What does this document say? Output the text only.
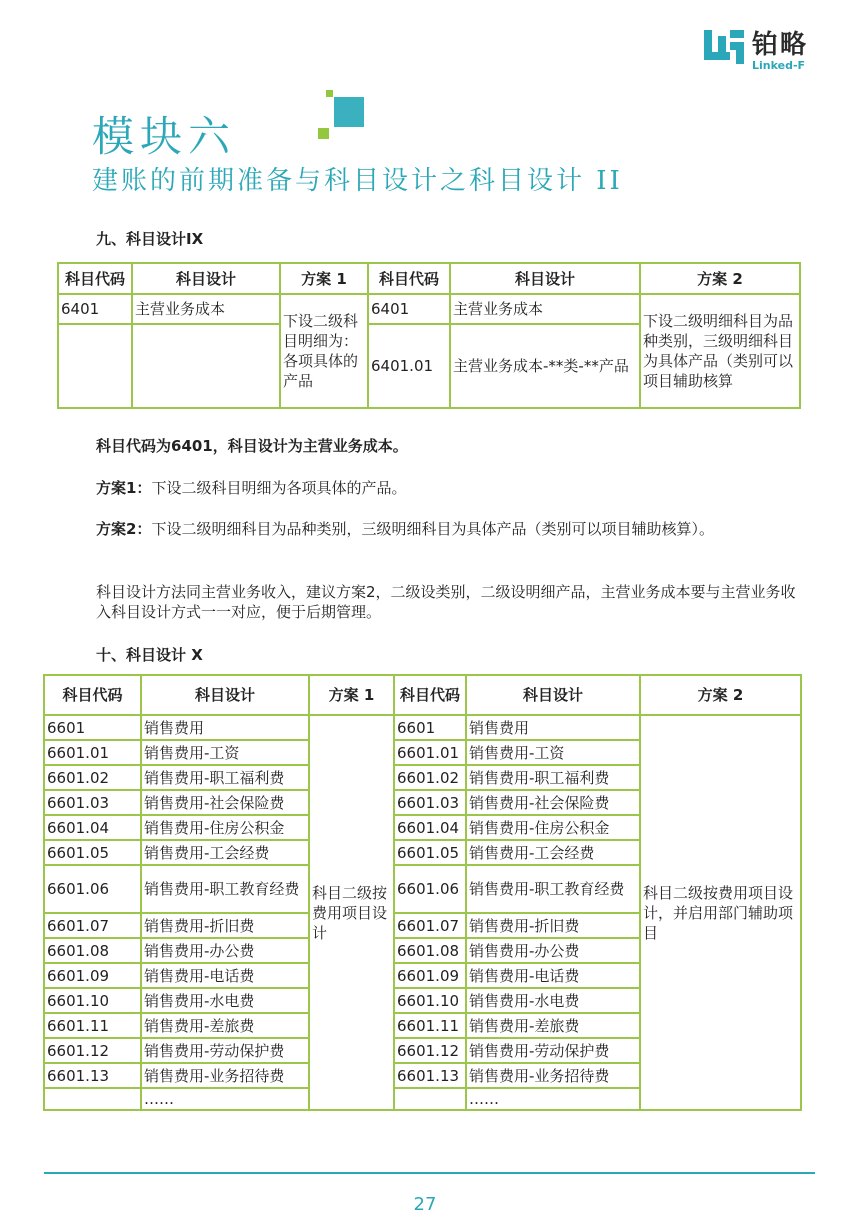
铂略
Linked-F
模块六
建账的前期准备与科目设计之科目设计 II
九、科目设计IX
科目代码	科目设计	方案 1	科目代码	科目设计	方案 2
6401	主营业务成本	下设二级科目明细为：各项具体的产品	6401	主营业务成本	下设二级明细科目为品种类别，三级明细科目为具体产品（类别可以项目辅助核算
			6401.01	主营业务成本-**类-**产品	
科目代码为6401，科目设计为主营业务成本。
方案1：下设二级科目明细为各项具体的产品。
方案2：下设二级明细科目为品种类别，三级明细科目为具体产品（类别可以项目辅助核算）。
科目设计方法同主营业务收入，建议方案2，二级设类别，二级设明细产品，主营业务成本要与主营业务收入科目设计方式一一对应，便于后期管理。
十、科目设计 X
科目代码	科目设计	方案 1	科目代码	科目设计	方案 2
6601	销售费用	科目二级按费用项目设计	6601	销售费用	科目二级按费用项目设计，并启用部门辅助项目
6601.01	销售费用-工资		6601.01	销售费用-工资	
6601.02	销售费用-职工福利费		6601.02	销售费用-职工福利费	
6601.03	销售费用-社会保险费		6601.03	销售费用-社会保险费	
6601.04	销售费用-住房公积金		6601.04	销售费用-住房公积金	
6601.05	销售费用-工会经费		6601.05	销售费用-工会经费	
6601.06	销售费用-职工教育经费		6601.06	销售费用-职工教育经费	
6601.07	销售费用-折旧费		6601.07	销售费用-折旧费	
6601.08	销售费用-办公费		6601.08	销售费用-办公费	
6601.09	销售费用-电话费		6601.09	销售费用-电话费	
6601.10	销售费用-水电费		6601.10	销售费用-水电费	
6601.11	销售费用-差旅费		6601.11	销售费用-差旅费	
6601.12	销售费用-劳动保护费		6601.12	销售费用-劳动保护费	
6601.13	销售费用-业务招待费		6601.13	销售费用-业务招待费	
	……			……	
27
